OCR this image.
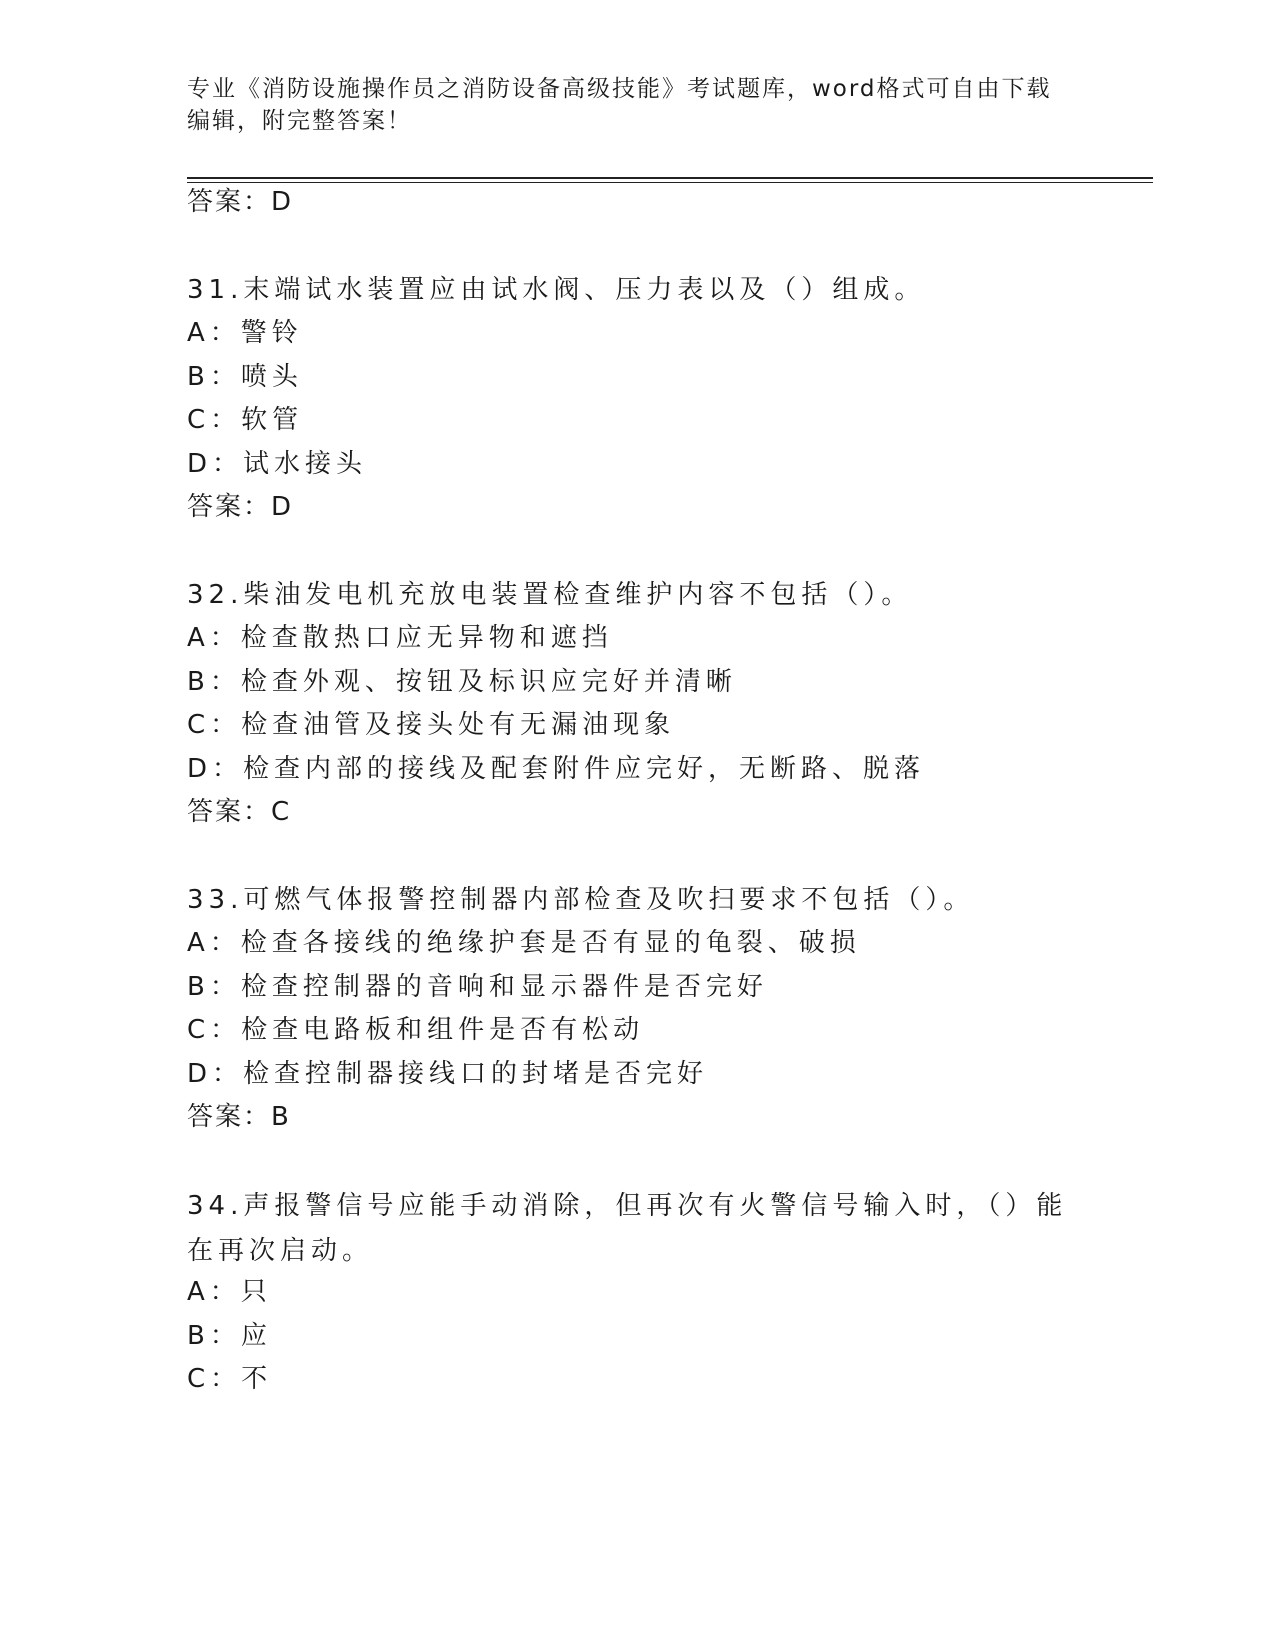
专业《消防设施操作员之消防设备高级技能》考试题库，word格式可自由下载编辑，附完整答案！
答案：D
31.末端试水装置应由试水阀、压力表以及（）组成。
A：警铃
B：喷头
C：软管
D：试水接头
答案：D
32.柴油发电机充放电装置检查维护内容不包括（）。
A：检查散热口应无异物和遮挡
B：检查外观、按钮及标识应完好并清晰
C：检查油管及接头处有无漏油现象
D：检查内部的接线及配套附件应完好，无断路、脱落
答案：C
33.可燃气体报警控制器内部检查及吹扫要求不包括（）。
A：检查各接线的绝缘护套是否有显的龟裂、破损
B：检查控制器的音响和显示器件是否完好
C：检查电路板和组件是否有松动
D：检查控制器接线口的封堵是否完好
答案：B
34.声报警信号应能手动消除，但再次有火警信号输入时，（）能在再次启动。
A：只
B：应
C：不
